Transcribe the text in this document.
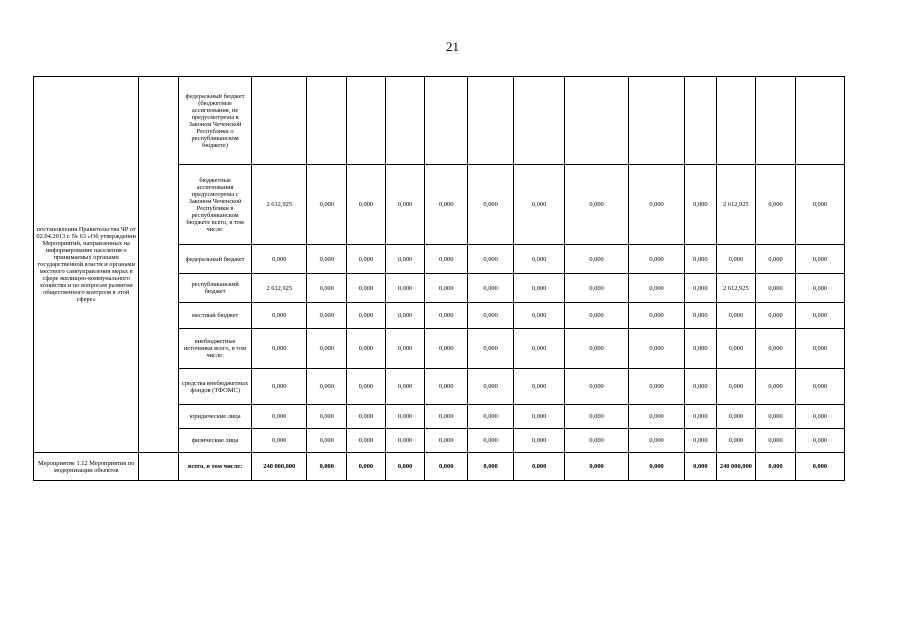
21
постановления Правительства ЧР от 02.04.2013 г. № 63 «Об утверждении Мероприятий, направленных на информирование населения о принимаемых органами государственной власти и органами местного самоуправления мерах в сфере жилищно-коммунального хозяйства и по вопросам развития общественного контроля в этой сфере»		федеральный бюджет (бюджетные ассигнования, не предусмотрены в Законом Чеченской Республики о республиканском бюджете)													
		бюджетные ассигнования предусмотрены с Законом Чеченской Республики в республиканском бюджете всего, в том числе:	2 612,925	0,000	0,000	0,000	0,000	0,000	0,000	0,000	0,000	0,000	2 612,925	0,000	0,000
		федеральный бюджет	0,000	0,000	0,000	0,000	0,000	0,000	0,000	0,000	0,000	0,000	0,000	0,000	0,000
		республиканский бюджет	2 612,925	0,000	0,000	0,000	0,000	0,000	0,000	0,000	0,000	0,000	2 612,925	0,000	0,000
		местный бюджет	0,000	0,000	0,000	0,000	0,000	0,000	0,000	0,000	0,000	0,000	0,000	0,000	0,000
		внебюджетные источники всего, в том числе:	0,000	0,000	0,000	0,000	0,000	0,000	0,000	0,000	0,000	0,000	0,000	0,000	0,000
		средства внебюджетных фондов (ТФОМС)	0,000	0,000	0,000	0,000	0,000	0,000	0,000	0,000	0,000	0,000	0,000	0,000	0,000
		юридические лица	0,000	0,000	0,000	0,000	0,000	0,000	0,000	0,000	0,000	0,000	0,000	0,000	0,000
		физические лица	0,000	0,000	0,000	0,000	0,000	0,000	0,000	0,000	0,000	0,000	0,000	0,000	0,000
Мероприятие 1.12 Мероприятия по модернизации объектов		всего, в том числе:	240 000,000	0,000	0,000	0,000	0,000	0,000	0,000	0,000	0,000	0,000	240 000,000	0,000	0,000
